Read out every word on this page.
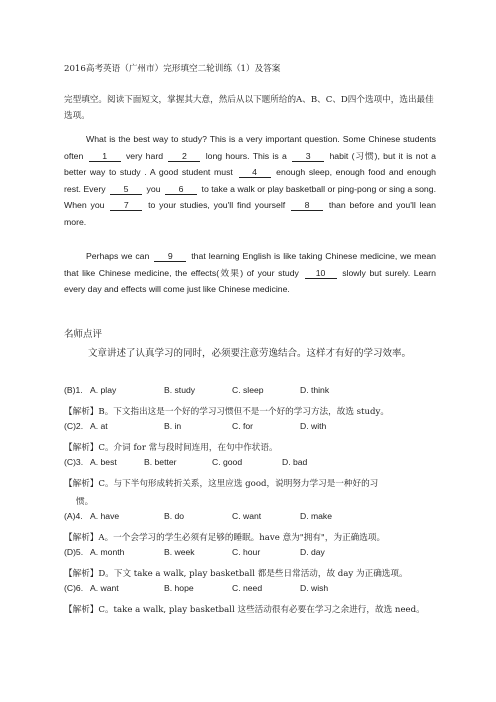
2016高考英语（广州市）完形填空二轮训练（1）及答案
完型填空。阅读下面短文，掌握其大意，然后从以下题所给的A、B、C、D四个选项中，选出最佳选项。
What is the best way to study? This is a very important question. Some Chinese students often 1 very hard 2 long hours. This is a 3 habit (习惯), but it is not a better way to study . A good student must 4 enough sleep, enough food and enough rest. Every 5 you 6 to take a walk or play basketball or ping-pong or sing a song. When you 7 to your studies, you'll find yourself 8 than before and you'll lean more.
Perhaps we can 9 that learning English is like taking Chinese medicine, we mean that like Chinese medicine, the effects(效果) of your study 10 slowly but surely. Learn every day and effects will come just like Chinese medicine.
名师点评
文章讲述了认真学习的同时，必须要注意劳逸结合。这样才有好的学习效率。
(B)1. A. play	B. study	C. sleep	D. think
【解析】B。下文指出这是一个好的学习习惯但不是一个好的学习方法，故选 study。
(C)2. A. at	B. in	C. for	D. with
【解析】C。介词 for 常与段时间连用，在句中作状语。
(C)3. A. best	B. better	C. good	D. bad
【解析】C。与下半句形成转折关系，这里应选 good，说明努力学习是一种好的习
惯。
(A)4. A. have	B. do	C. want	D. make
【解析】A。一个会学习的学生必须有足够的睡眠。have 意为"拥有"，为正确选项。
(D)5. A. month	B. week	C. hour	D. day
【解析】D。下文 take a walk, play basketball 都是些日常活动，故 day 为正确选项。
(C)6. A. want	B. hope	C. need	D. wish
【解析】C。take a walk, play basketball 这些活动很有必要在学习之余进行，故选 need。
